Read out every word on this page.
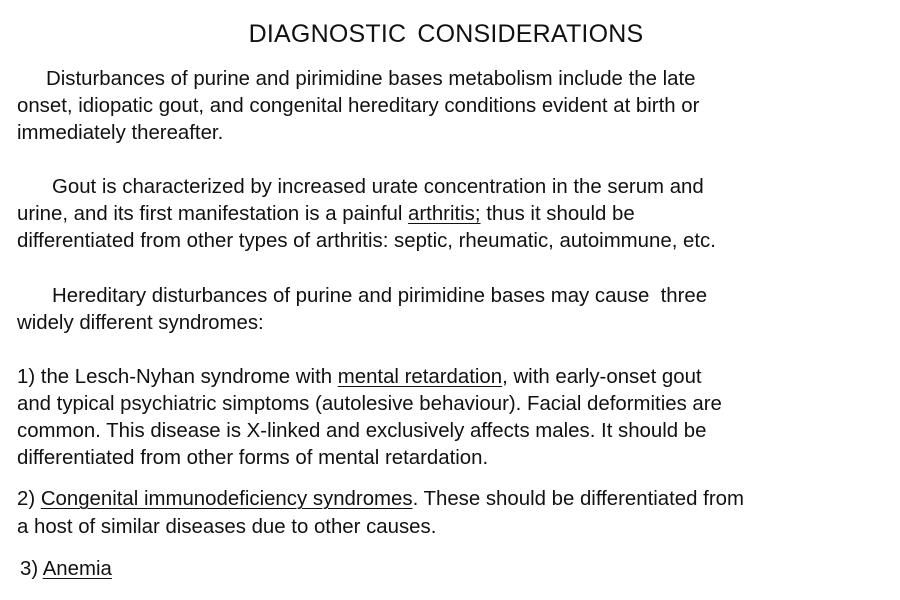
DIAGNOSTIC CONSIDERATIONS
Disturbances of purine and pirimidine bases metabolism include the late
onset, idiopatic gout, and congenital hereditary conditions evident at birth or
immediately thereafter.
Gout is characterized by increased urate concentration in the serum and
urine, and its first manifestation is a painful arthritis; thus it should be
differentiated from other types of arthritis: septic, rheumatic, autoimmune, etc.
Hereditary disturbances of purine and pirimidine bases may cause  three
widely different syndromes:
1) the Lesch-Nyhan syndrome with mental retardation, with early-onset gout
and typical psychiatric simptoms (autolesive behaviour). Facial deformities are
common. This disease is X-linked and exclusively affects males. It should be
differentiated from other forms of mental retardation.
2) Congenital immunodeficiency syndromes. These should be differentiated from
a host of similar diseases due to other causes.
3) Anemia
